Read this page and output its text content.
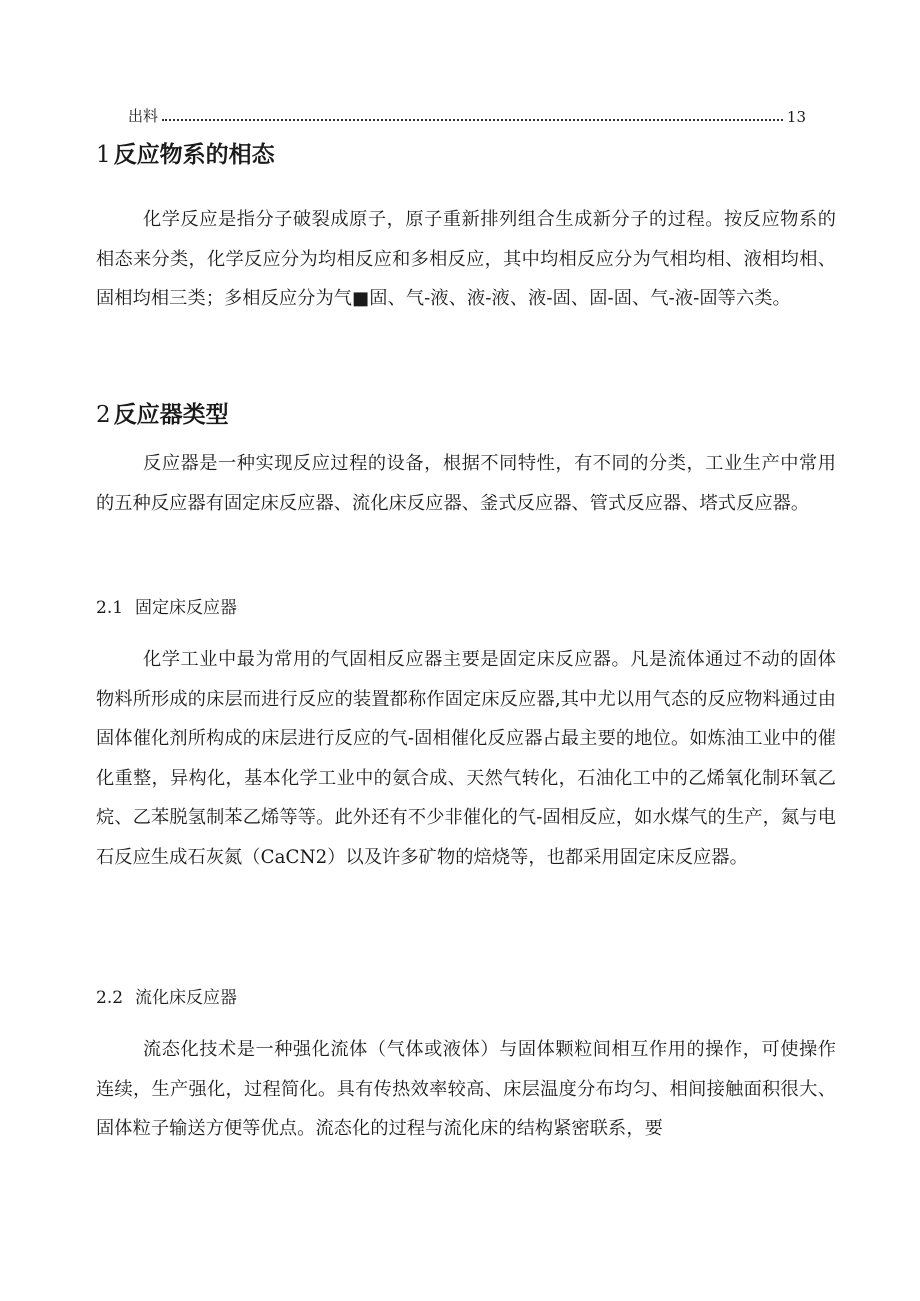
出料	13
1 反应物系的相态

化学反应是指分子破裂成原子，原子重新排列组合生成新分子的过程。按反应物系的相态来分类，化学反应分为均相反应和多相反应，其中均相反应分为气相均相、液相均相、固相均相三类；多相反应分为气■固、气-液、液-液、液-固、固-固、气-液-固等六类。

2 反应器类型

反应器是一种实现反应过程的设备，根据不同特性，有不同的分类，工业生产中常用的五种反应器有固定床反应器、流化床反应器、釜式反应器、管式反应器、塔式反应器。

2.1 固定床反应器

化学工业中最为常用的气固相反应器主要是固定床反应器。凡是流体通过不动的固体物料所形成的床层而进行反应的装置都称作固定床反应器,其中尤以用气态的反应物料通过由固体催化剂所构成的床层进行反应的气-固相催化反应器占最主要的地位。如炼油工业中的催化重整，异构化，基本化学工业中的氨合成、天然气转化，石油化工中的乙烯氧化制环氧乙烷、乙苯脱氢制苯乙烯等等。此外还有不少非催化的气-固相反应，如水煤气的生产，氮与电石反应生成石灰氮（CaCN2）以及许多矿物的焙烧等，也都采用固定床反应器。

2.2 流化床反应器

流态化技术是一种强化流体（气体或液体）与固体颗粒间相互作用的操作，可使操作连续，生产强化，过程简化。具有传热效率较高、床层温度分布均匀、相间接触面积很大、固体粒子输送方便等优点。流态化的过程与流化床的结构紧密联系，要
